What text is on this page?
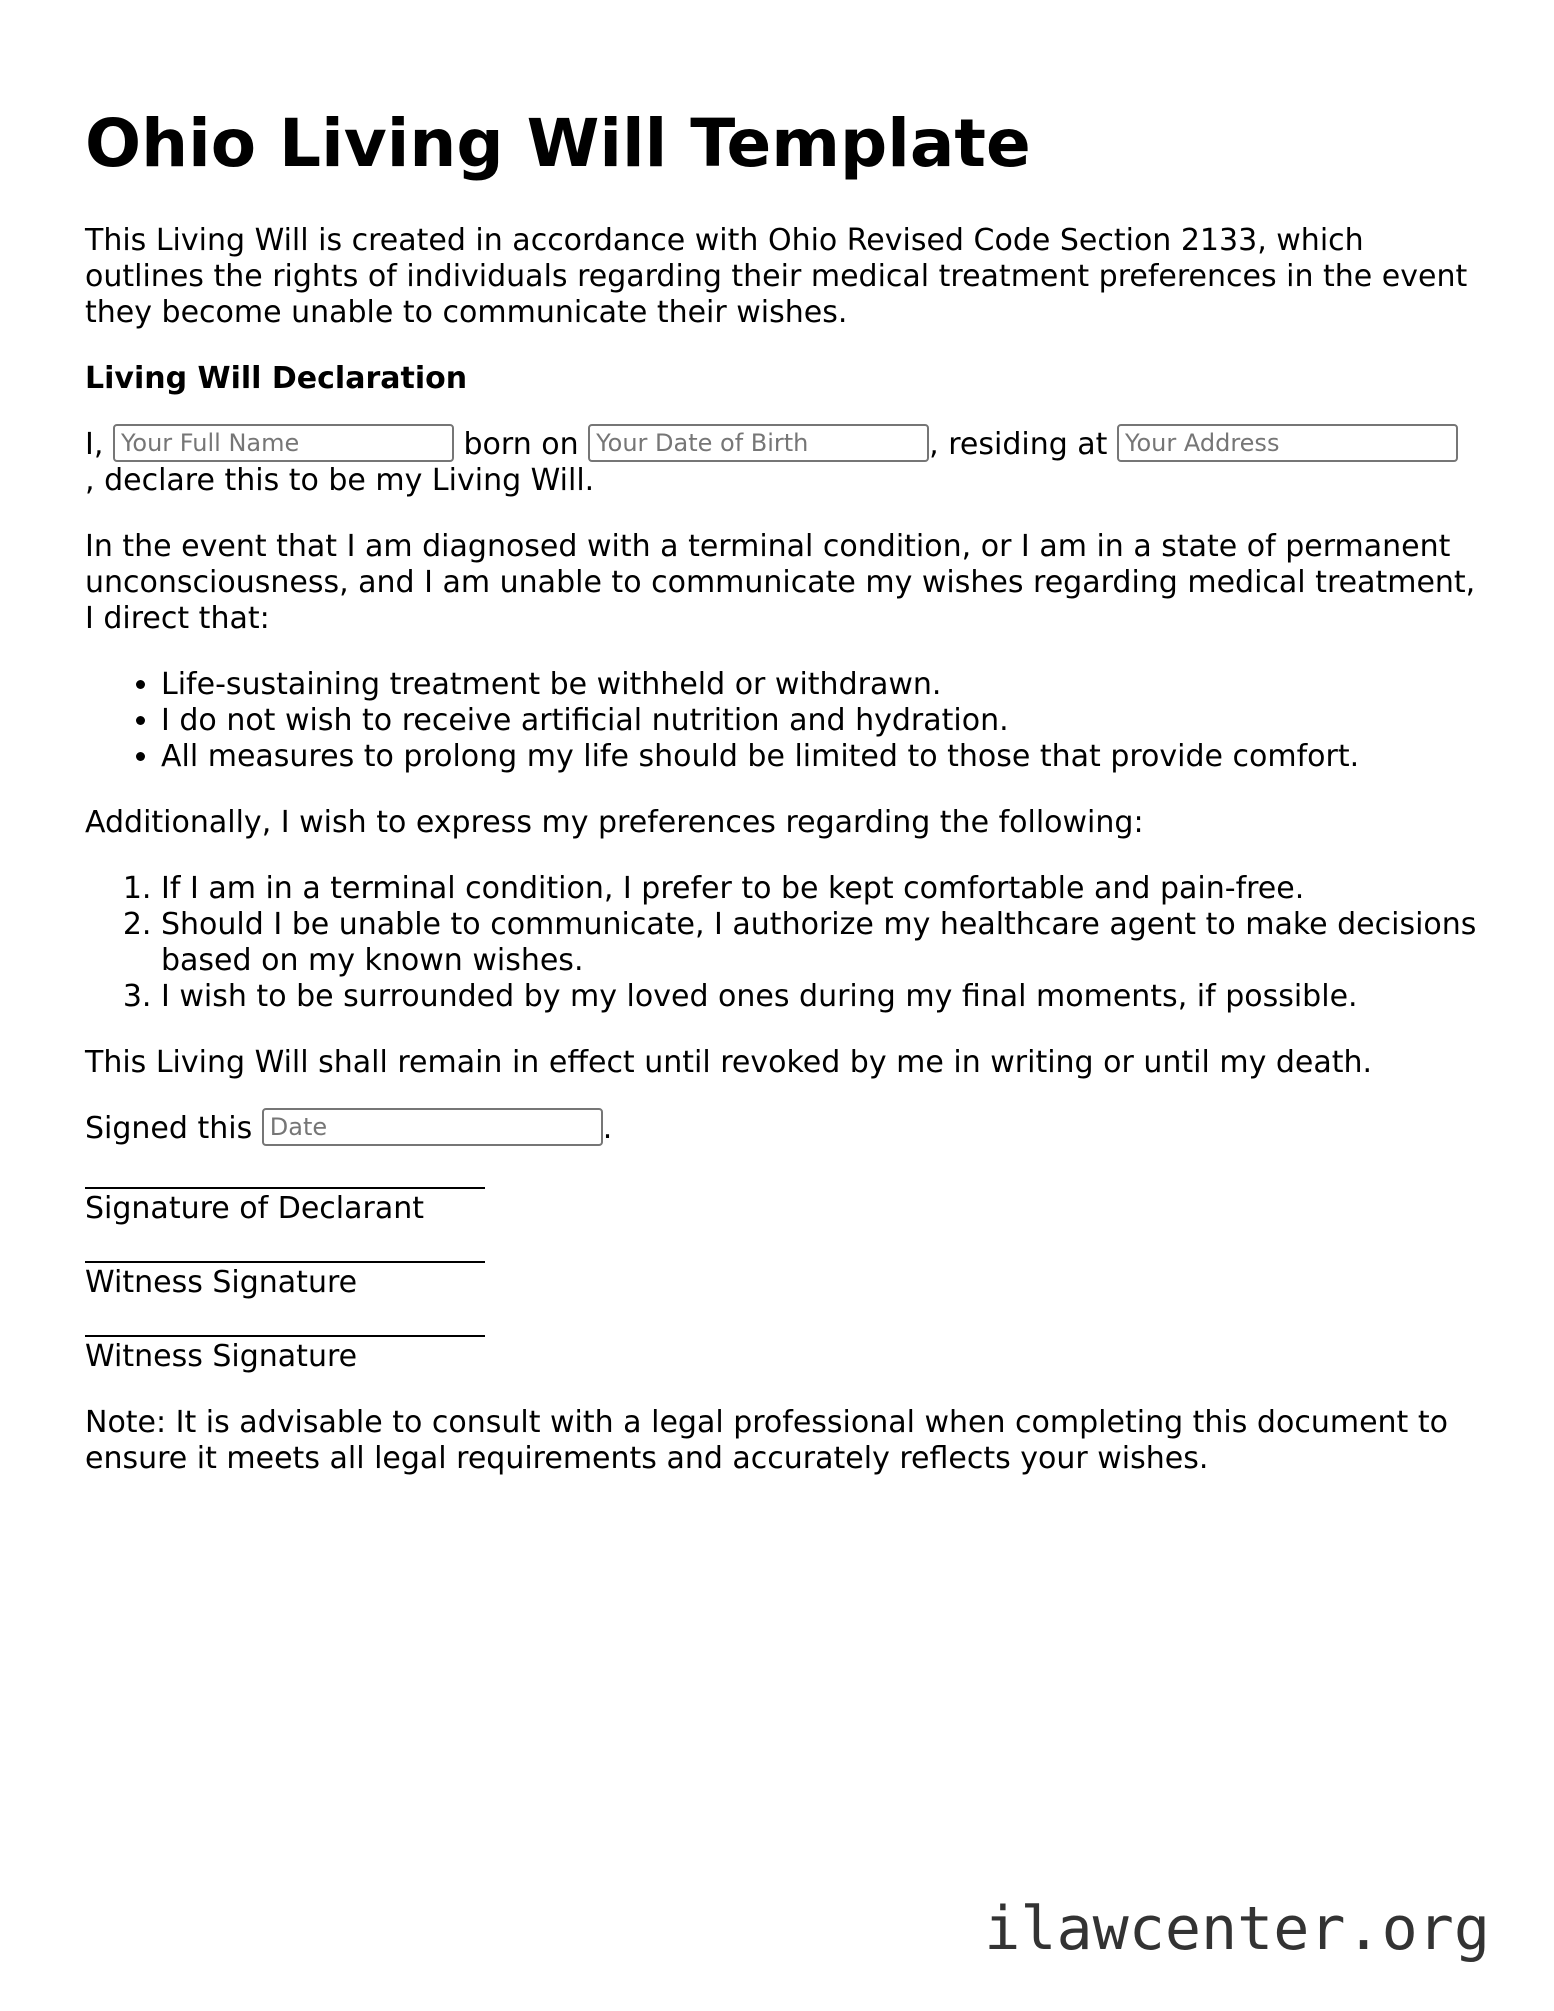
Ohio Living Will Template

This Living Will is created in accordance with Ohio Revised Code Section 2133, which outlines the rights of individuals regarding their medical treatment preferences in the event they become unable to communicate their wishes.

Living Will Declaration

I, Your Full Name	born on Your Date of Birth	, residing at Your Address
, declare this to be my Living Will.

In the event that I am diagnosed with a terminal condition, or I am in a state of permanent unconsciousness, and I am unable to communicate my wishes regarding medical treatment, I direct that:

• Life-sustaining treatment be withheld or withdrawn.
• I do not wish to receive artificial nutrition and hydration.
• All measures to prolong my life should be limited to those that provide comfort.

Additionally, I wish to express my preferences regarding the following:

1. If I am in a terminal condition, I prefer to be kept comfortable and pain-free.
2. Should I be unable to communicate, I authorize my healthcare agent to make decisions based on my known wishes.
3. I wish to be surrounded by my loved ones during my final moments, if possible.

This Living Will shall remain in effect until revoked by me in writing or until my death.

Signed this Date	.

Signature of Declarant

Witness Signature

Witness Signature

Note: It is advisable to consult with a legal professional when completing this document to ensure it meets all legal requirements and accurately reflects your wishes.

ilawcenter.org
